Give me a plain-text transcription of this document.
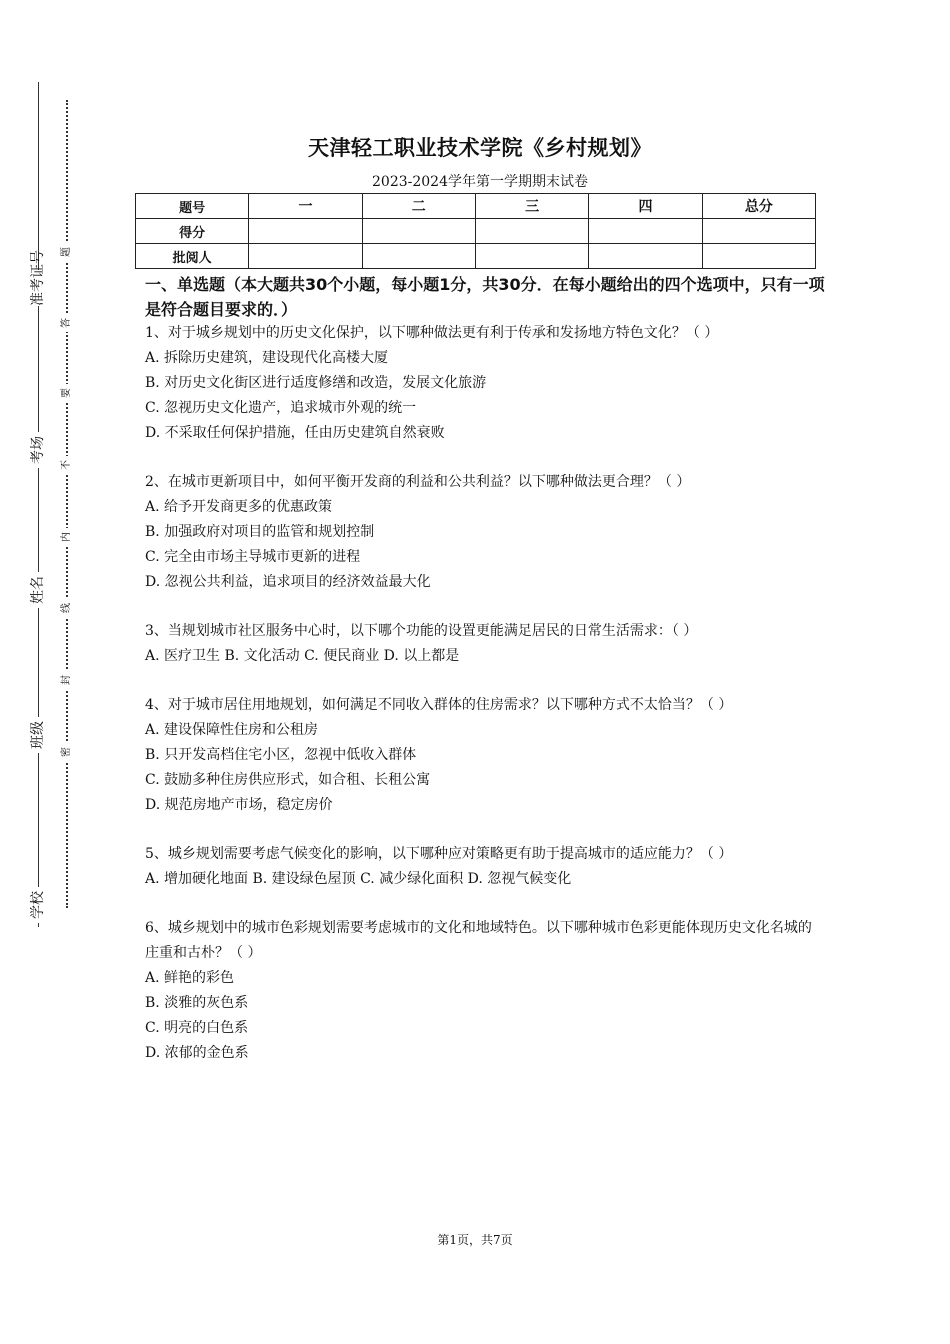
准考证号
考场
姓名
班级
学校
题
答
要
不
内
线
封
密
天津轻工职业技术学院《乡村规划》
2023-2024学年第一学期期末试卷
题号	一	二	三	四	总分
得分					
批阅人					
一、单选题（本大题共30个小题，每小题1分，共30分．在每小题给出的四个选项中，只有一项是符合题目要求的．）

1、对于城乡规划中的历史文化保护，以下哪种做法更有利于传承和发扬地方特色文化？（ ）

A. 拆除历史建筑，建设现代化高楼大厦

B. 对历史文化街区进行适度修缮和改造，发展文化旅游

C. 忽视历史文化遗产，追求城市外观的统一

D. 不采取任何保护措施，任由历史建筑自然衰败

2、在城市更新项目中，如何平衡开发商的利益和公共利益？以下哪种做法更合理？（ ）

A. 给予开发商更多的优惠政策

B. 加强政府对项目的监管和规划控制

C. 完全由市场主导城市更新的进程

D. 忽视公共利益，追求项目的经济效益最大化

3、当规划城市社区服务中心时，以下哪个功能的设置更能满足居民的日常生活需求：（ ）

A. 医疗卫生 B. 文化活动 C. 便民商业 D. 以上都是

4、对于城市居住用地规划，如何满足不同收入群体的住房需求？以下哪种方式不太恰当？（ ）

A. 建设保障性住房和公租房

B. 只开发高档住宅小区，忽视中低收入群体

C. 鼓励多种住房供应形式，如合租、长租公寓

D. 规范房地产市场，稳定房价

5、城乡规划需要考虑气候变化的影响，以下哪种应对策略更有助于提高城市的适应能力？（ ）

A. 增加硬化地面 B. 建设绿色屋顶 C. 减少绿化面积 D. 忽视气候变化

6、城乡规划中的城市色彩规划需要考虑城市的文化和地域特色。以下哪种城市色彩更能体现历史文化名城的庄重和古朴？（ ）

A. 鲜艳的彩色

B. 淡雅的灰色系

C. 明亮的白色系

D. 浓郁的金色系

第1页，共7页
